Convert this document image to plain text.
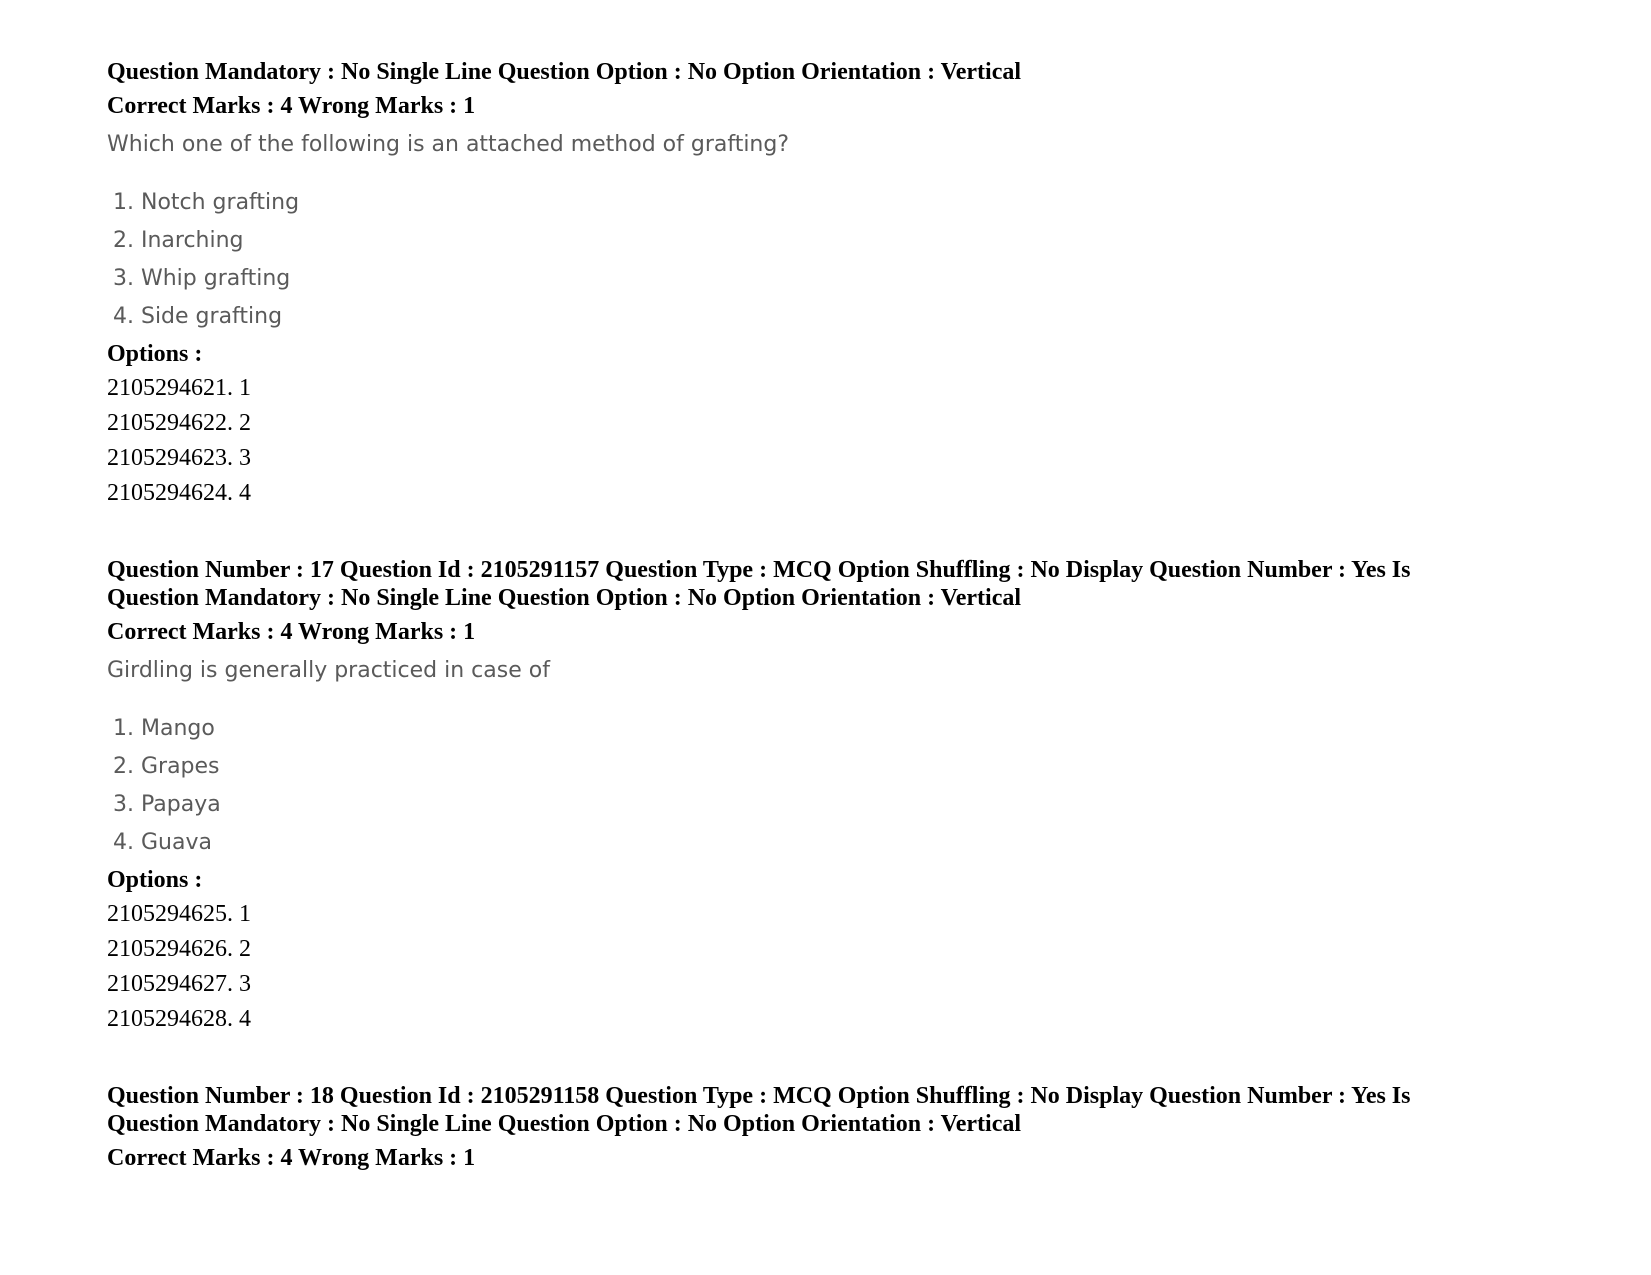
Question Mandatory : No Single Line Question Option : No Option Orientation : Vertical
Correct Marks : 4 Wrong Marks : 1
Which one of the following is an attached method of grafting?
1. Notch grafting
2. Inarching
3. Whip grafting
4. Side grafting
Options :
2105294621. 1
2105294622. 2
2105294623. 3
2105294624. 4
Question Number : 17 Question Id : 2105291157 Question Type : MCQ Option Shuffling : No Display Question Number : Yes Is
Question Mandatory : No Single Line Question Option : No Option Orientation : Vertical
Correct Marks : 4 Wrong Marks : 1
Girdling is generally practiced in case of
1. Mango
2. Grapes
3. Papaya
4. Guava
Options :
2105294625. 1
2105294626. 2
2105294627. 3
2105294628. 4
Question Number : 18 Question Id : 2105291158 Question Type : MCQ Option Shuffling : No Display Question Number : Yes Is
Question Mandatory : No Single Line Question Option : No Option Orientation : Vertical
Correct Marks : 4 Wrong Marks : 1
